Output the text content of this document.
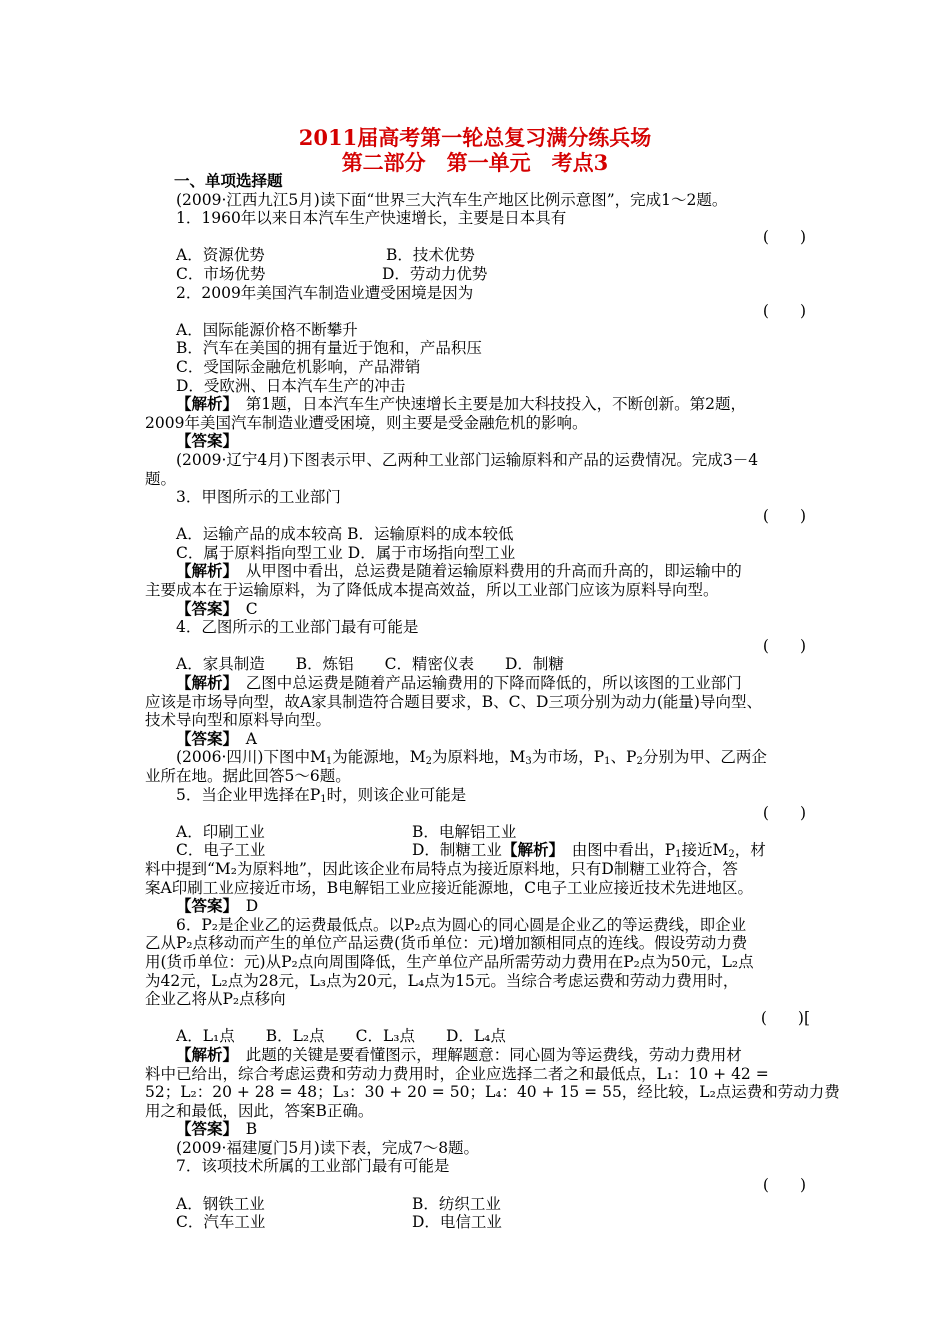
2011届高考第一轮总复习满分练兵场
第二部分　第一单元　考点3
一、单项选择题
(2009·江西九江5月)读下面“世界三大汽车生产地区比例示意图”，完成1～2题。
1．1960年以来日本汽车生产快速增长，主要是日本具有
(　　)
A．资源优势	B．技术优势
C．市场优势	D．劳动力优势
2．2009年美国汽车制造业遭受困境是因为
(　　)
A．国际能源价格不断攀升
B．汽车在美国的拥有量近于饱和，产品积压
C．受国际金融危机影响，产品滞销
D．受欧洲、日本汽车生产的冲击
【解析】　 第1题，日本汽车生产快速增长主要是加大科技投入，不断创新。第2题，
2009年美国汽车制造业遭受困境，则主要是受金融危机的影响。
【答案】
(2009·辽宁4月)下图表示甲、乙两种工业部门运输原料和产品的运费情况。完成3－4
题。
3．甲图所示的工业部门
(　　)
A．运输产品的成本较高 B．运输原料的成本较低
C．属于原料指向型工业 D．属于市场指向型工业
【解析】　 从甲图中看出，总运费是随着运输原料费用的升高而升高的，即运输中的
主要成本在于运输原料，为了降低成本提高效益，所以工业部门应该为原料导向型。
【答案】　 C
4．乙图所示的工业部门最有可能是
(　　)
A．家具制造　　B．炼铝　　C．精密仪表　　D．制糖
【解析】　 乙图中总运费是随着产品运输费用的下降而降低的，所以该图的工业部门
应该是市场导向型，故A家具制造符合题目要求，B、C、D三项分别为动力(能量)导向型、
技术导向型和原料导向型。
【答案】　 A
(2006·四川)下图中$M_1$为能源地，$M_2$为原料地，$M_3$为市场，$P_1$、$P_2$分别为甲、乙两企
业所在地。据此回答5～6题。
5．当企业甲选择在$P_1$时，则该企业可能是
(　　)
A．印刷工业	B．电解铝工业
C．电子工业	D．制糖工业【解析】　 由图中看出，$P_1$接近$M_2$，材
料中提到“M₂为原料地”，因此该企业布局特点为接近原料地，只有D制糖工业符合，答
案A印刷工业应接近市场，B电解铝工业应接近能源地，C电子工业应接近技术先进地区。
【答案】　 D
6．P₂是企业乙的运费最低点。以P₂点为圆心的同心圆是企业乙的等运费线，即企业
乙从P₂点移动而产生的单位产品运费(货币单位：元)增加额相同点的连线。假设劳动力费
用(货币单位：元)从P₂点向周围降低，生产单位产品所需劳动力费用在P₂点为50元，L₂点
为42元，L₂点为28元，L₃点为20元，L₄点为15元。当综合考虑运费和劳动力费用时，
企业乙将从P₂点移向
(　　)[
A．L₁点　　B．L₂点　　C．L₃点　　D．L₄点
【解析】　 此题的关键是要看懂图示，理解题意：同心圆为等运费线，劳动力费用材
料中已给出，综合考虑运费和劳动力费用时，企业应选择二者之和最低点，L₁：10 + 42 =
52；L₂：20 + 28 = 48；L₃：30 + 20 = 50；L₄：40 + 15 = 55，经比较，L₂点运费和劳动力费
用之和最低，因此，答案B正确。
【答案】　 B
(2009·福建厦门5月)读下表，完成7～8题。
7．该项技术所属的工业部门最有可能是
(　　)
A．钢铁工业	B．纺织工业
C．汽车工业	D．电信工业
